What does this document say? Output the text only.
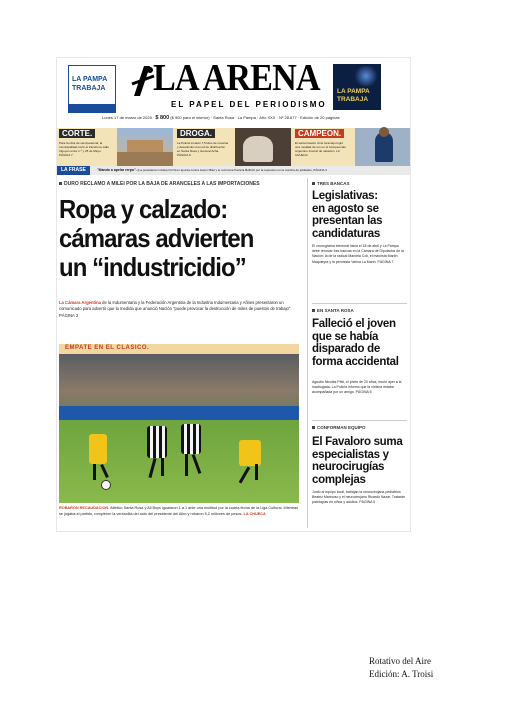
LA PAMPA
TRABAJA LA ARENA
EL PAPEL DEL PERIODISMO
LA PAMPA
TRABAJA
Lunes 17 de marzo de 2025 · $ 800 ($ 900 para el interior) · Santa Rosa · La Pampa · Año XXX · Nº 28.677 · Edición de 20 páginas
CORTE.
Para la obra de semipeatonal, la municipalidad cortó el tránsito la calle Irigoyen entre 1.º y 25 de Mayo. PÁGINA 7
DROGA.
La Policía incautó 7,5 kilos de cocaína y desarticuló una red de distribución en Santa Rosa y General Acha. PÁGINA 9
CAMPEON.
El santarroseño Joné Gramajo logró una medalla de oro en el Campeonato Argentino Juvenil de natación. LA CHUECA
LA FRASE	"Mando a apelar rerpo". (La presidenta Cristina Kirchner apunta contra Javier Milei y le recrimina Patricia Bullrich por la represión en la marcha de jubilados, PÁGINA 4
DURO RECLAMO A MILEI POR LA BAJA DE ARANCELES A LAS IMPORTACIONES
Ropa y calzado:
cámaras advierten
un “industricidio”
La Cámara Argentina de la Indumentaria y la Federación Argentina de la Industria Indumentaria y Afines presentaron un comunicado para advertir que la medida que anunció Nación "puede provocar la destrucción de miles de puestos de trabajo". PÁGINA 3
EMPATE EN EL CLASICO.
ROBARON RECAUDACION. Atlético Santa Rosa y All Boys igualaron 1 a 1 ante una multitud por la cuarta fecha de la Liga Cultural. Mientras se jugaba el partido, rompieron la ventanilla del auto del presidente del Albo y robaron 5,2 millones de pesos. LA CHUECA
TRES BANCAS
Legislativas:
en agosto se
presentan las
candidaturas
El cronograma electoral inicia el 18 de abril y La Pampa debe renovar tres bancas en la Cámara de Diputados de la Nación: la de la radical Marcela Coli, el macrista Martín Maquieyra y la peronista Varina La Marin. PÁGINA 7
EN SANTA ROSA
Falleció el joven
que se había
disparado de
forma accidental
Agustín Nicolás Pfeil, el joven de 20 años, murió ayer a la madrugada. La Policía informó que la víctima estaba acompañada por un amigo. PÁGINA 5
CONFORMAN EQUIPO
El Favaloro suma
especialistas y
neurocirugías
complejas
Junto al equipo local, trabajan la neurocirujana pediátrica Beatriz Marinoso y el neurocirujano Ricardo Nazar. Tratarán patologías en niños y adultos. PÁGINA 5
Rotativo del Aire
Edición: A. Troisi
